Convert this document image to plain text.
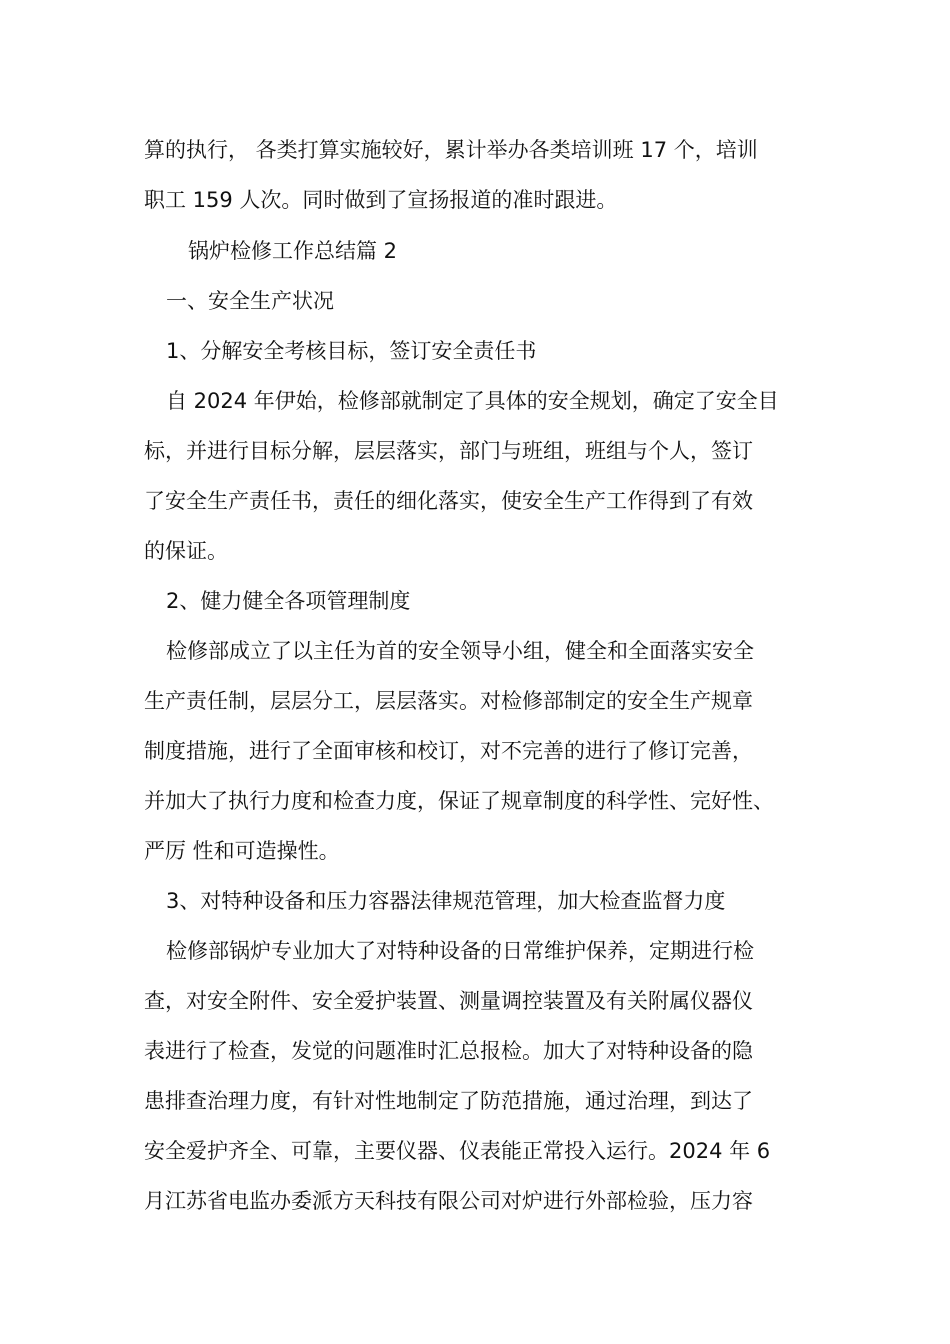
算的执行， 各类打算实施较好，累计举办各类培训班 17 个，培训
职工 159 人次。同时做到了宣扬报道的准时跟进。
锅炉检修工作总结篇 2
一、安全生产状况
1、分解安全考核目标，签订安全责任书
自 2024 年伊始，检修部就制定了具体的安全规划，确定了安全目
标，并进行目标分解，层层落实，部门与班组，班组与个人，签订
了安全生产责任书，责任的细化落实，使安全生产工作得到了有效
的保证。
2、健力健全各项管理制度
检修部成立了以主任为首的安全领导小组，健全和全面落实安全
生产责任制，层层分工，层层落实。对检修部制定的安全生产规章
制度措施，进行了全面审核和校订，对不完善的进行了修订完善，
并加大了执行力度和检查力度，保证了规章制度的科学性、完好性、
严厉 性和可造操性。
3、对特种设备和压力容器法律规范管理，加大检查监督力度
检修部锅炉专业加大了对特种设备的日常维护保养，定期进行检
查，对安全附件、安全爱护装置、测量调控装置及有关附属仪器仪
表进行了检查，发觉的问题准时汇总报检。加大了对特种设备的隐
患排查治理力度，有针对性地制定了防范措施，通过治理，到达了
安全爱护齐全、可靠，主要仪器、仪表能正常投入运行。2024 年 6
月江苏省电监办委派方天科技有限公司对炉进行外部检验，压力容
